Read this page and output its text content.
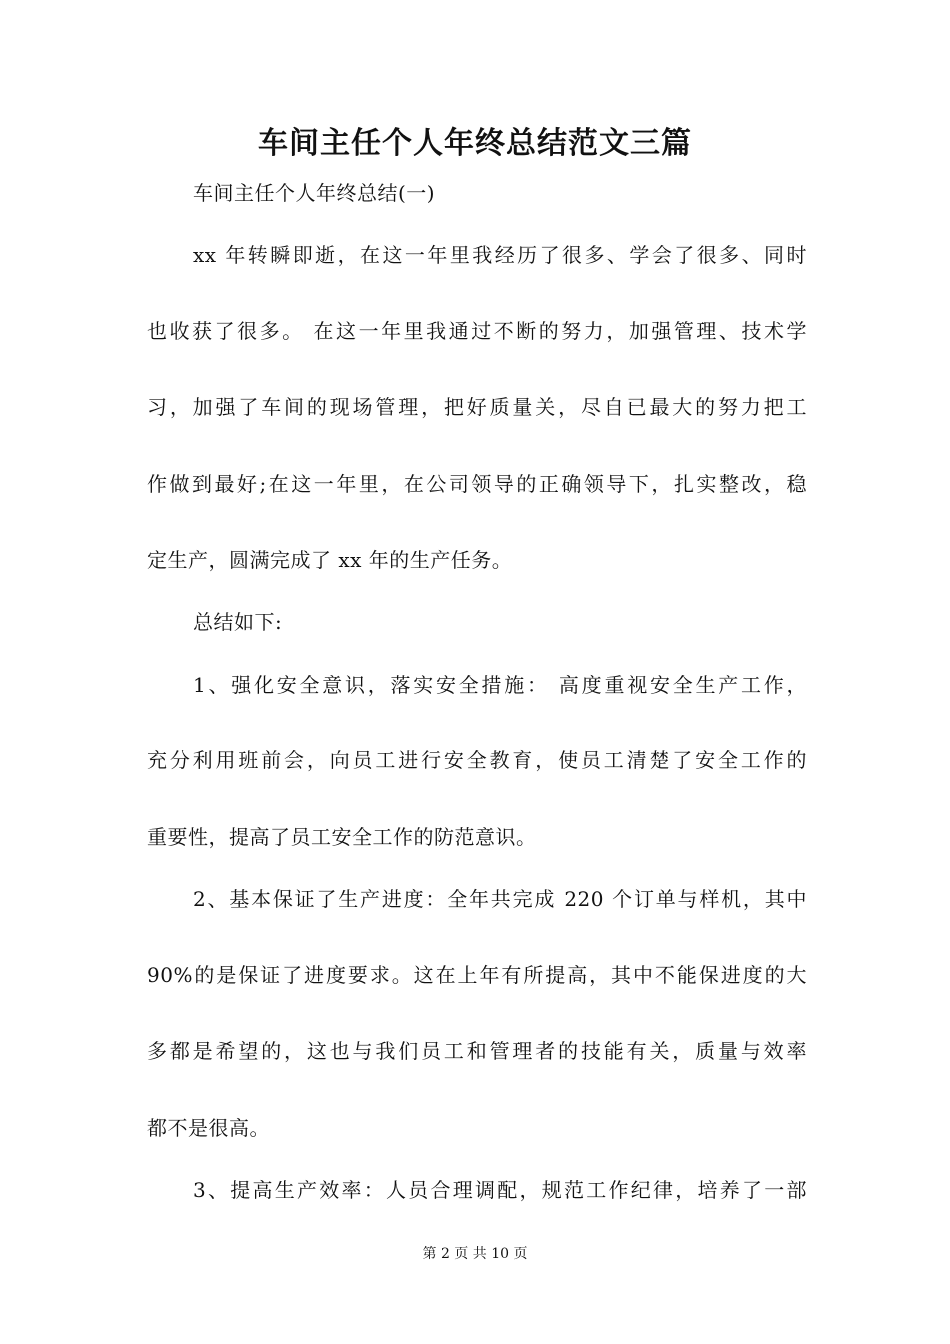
车间主任个人年终总结范文三篇
车间主任个人年终总结(一)
xx 年转瞬即逝，在这一年里我经历了很多、学会了很多、同时
也收获了很多。 在这一年里我通过不断的努力，加强管理、技术学
习，加强了车间的现场管理，把好质量关，尽自已最大的努力把工
作做到最好;在这一年里，在公司领导的正确领导下，扎实整改，稳
定生产，圆满完成了 xx 年的生产任务。
总结如下:
1、强化安全意识，落实安全措施： 高度重视安全生产工作，
充分利用班前会，向员工进行安全教育，使员工清楚了安全工作的
重要性，提高了员工安全工作的防范意识。
2、基本保证了生产进度：全年共完成 220 个订单与样机，其中
90%的是保证了进度要求。这在上年有所提高，其中不能保进度的大
多都是希望的，这也与我们员工和管理者的技能有关，质量与效率
都不是很高。
3、提高生产效率：人员合理调配，规范工作纪律，培养了一部
第 2 页 共 10 页
